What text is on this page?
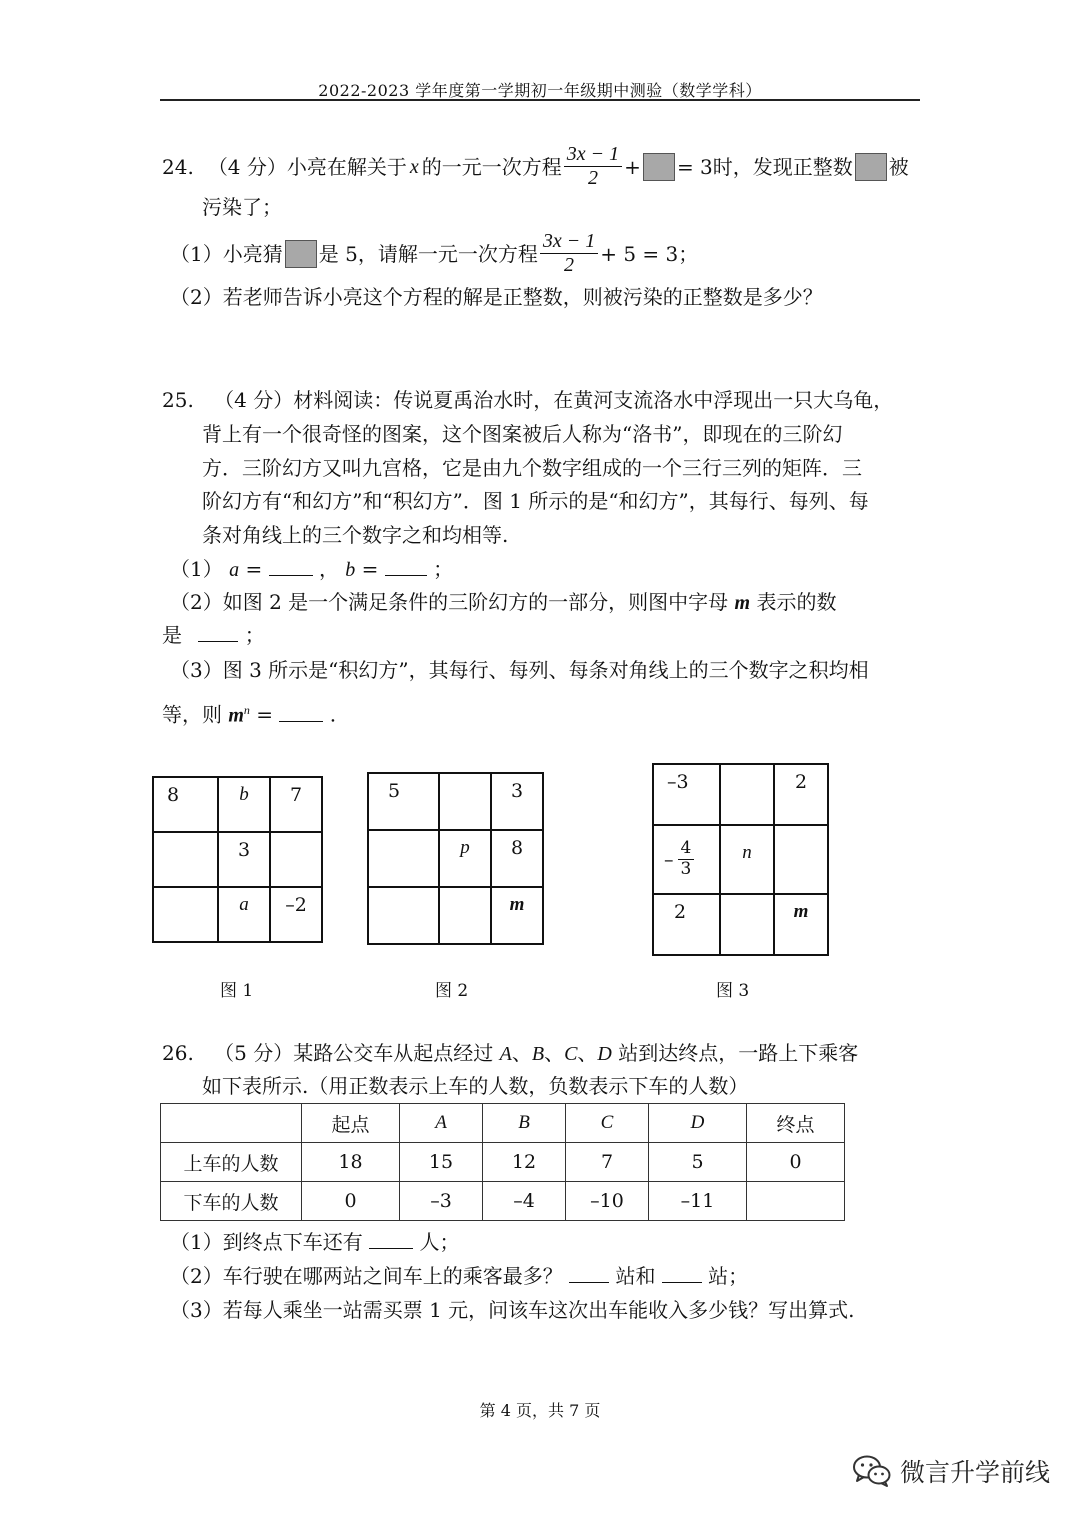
2022-2023 学年度第一学期初一年级期中测验（数学学科）
24. （4 分） 小亮在解关于 x 的一元一次方程 $\frac{3x - 1}{2}$ + = 3 时，发现正整数 被
污染了；
（1）小亮猜 是 5，请解一元一次方程 $\frac{3x - 1}{2} + 5 = 3$；
（2）若老师告诉小亮这个方程的解是正整数，则被污染的正整数是多少？
25. （4 分）材料阅读：传说夏禹治水时，在黄河支流洛水中浮现出一只大乌龟，
背上有一个很奇怪的图案，这个图案被后人称为“洛书”，即现在的三阶幻
方．三阶幻方又叫九宫格，它是由九个数字组成的一个三行三列的矩阵．三
阶幻方有“和幻方”和“积幻方”．图 1 所示的是“和幻方”，其每行、每列、每
条对角线上的三个数字之和均相等.
（1） a =	， b =  ；
（2）如图 2 是一个满足条件的三阶幻方的一部分，则图中字母 m 表示的数
是	；
（3）图 3 所示是“积幻方”，其每行、每列、每条对角线上的三个数字之积均相
等，则 $m^n$ =	.
8	b	7
	3	
	a	–2
图 1
5		3
	p	8
		m
图 2
–3		2

– $\frac{4}{3}$	n	
2		m
图 3
26. （5 分）某路公交车从起点经过 A、B、C、D 站到达终点，一路上下乘客
如下表所示.（用正数表示上车的人数，负数表示下车的人数）
	起点	A	B	C	D	终点
上车的人数	18	15	12	7	5	0
下车的人数	0	–3	–4	–10	–11	
（1）到终点下车还有	人；
（2）车行驶在哪两站之间车上的乘客最多？	站和	站；
（3）若每人乘坐一站需买票 1 元，问该车这次出车能收入多少钱？写出算式.
第 4 页，共 7 页
微言升学前线
